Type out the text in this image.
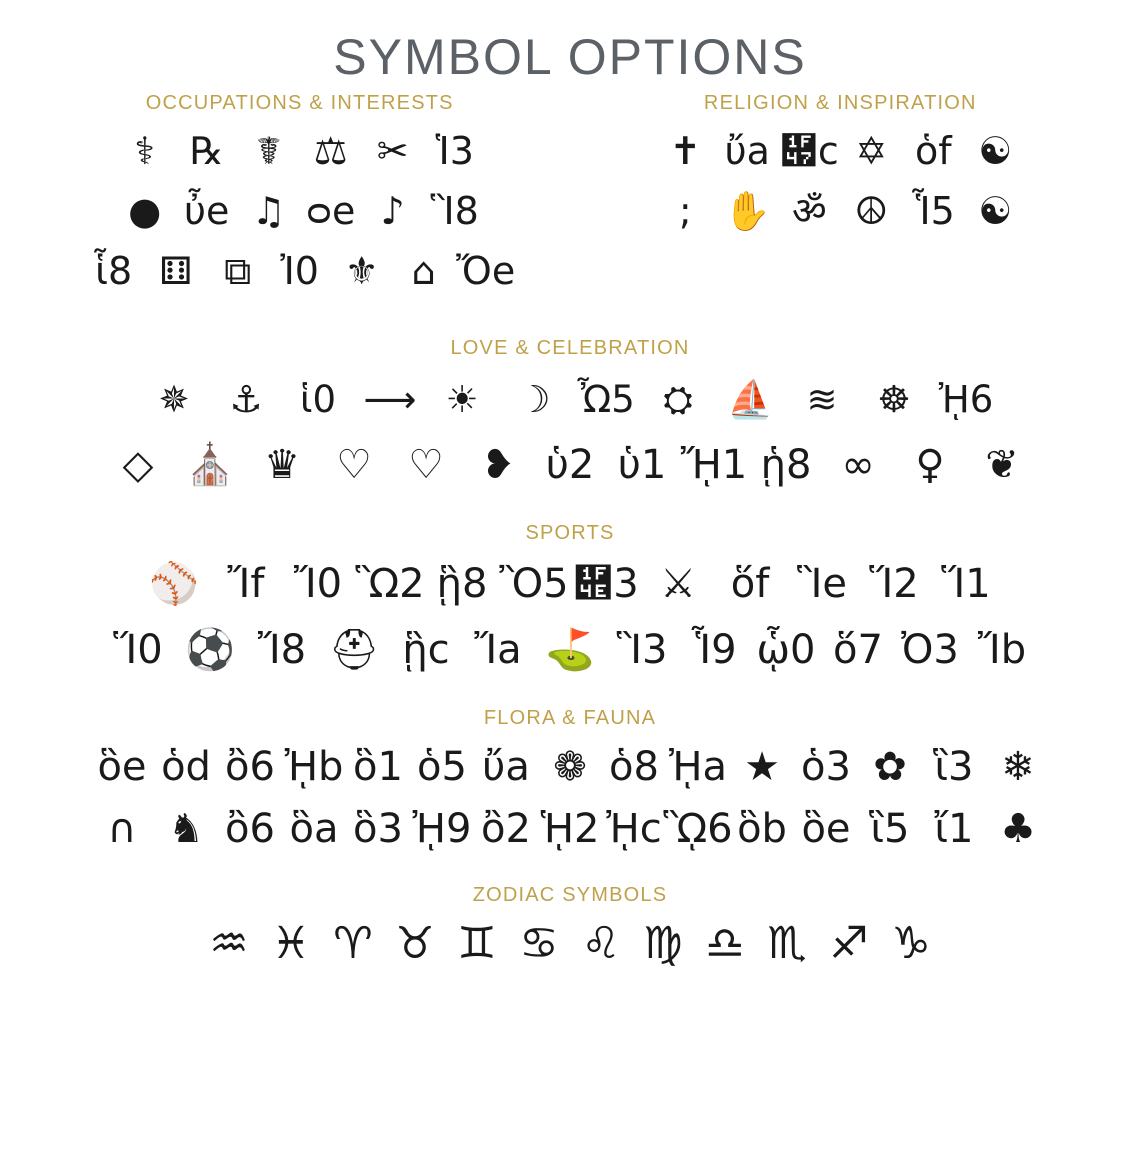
SYMBOL OPTIONS
OCCUPATIONS & INTERESTS
⚕ ℞ ☤ ⚖ ✂ Ἱ3
● ὖe ♫ ᴑe ♪ Ἳ8
ἷ8 ⚅ ⧉ Ἰ0 ⚜ ⌂ Ὄe
RELIGION & INSPIRATION
✝ ὔa ὇c ✡ ὁf ☯
; ✋ ॐ ☮ Ἷ5 ☯
LOVE & CELEBRATION
✵	⚓	ἱ0 ⟶ ☀	☽ Ὦ5 ⛭ ⛵ ≋	☸ ᾘ6
◇ ⛪ ♛ ♡ ♡ ❥ ὑ2 ὑ1 ᾜ1 ᾑ8 ∞	♀	❦
SPORTS
⚾ Ἴf Ἴ0 Ὣ2 ᾓ8 Ὂ5 ὎3 ⚔ ὅf Ἳe Ἵ2 Ἵ1
Ἵ0 ⚽ Ἴ8 ⛑ ᾓc Ἴa ⛳ Ἳ3 Ἷ9 ᾧ0 ὅ7 Ὀ3 Ἴb
FLORA & FAUNA
ὃe ὁd ὂ6 ᾘb ὃ1 ὁ5 ὔa ❁ ὁ8 ᾘa ★ ὁ3 ✿ ἳ3 ❄
∩ ♞ ὂ6 ὃa ὃ3 ᾘ9 ὂ2 ᾙ2 ᾘc ᾫ6 ὃb ὃe ἳ5 ἴ1 ♣
ZODIAC SYMBOLS
♒ ♓ ♈ ♉ ♊ ♋ ♌ ♍ ♎ ♏ ♐ ♑
